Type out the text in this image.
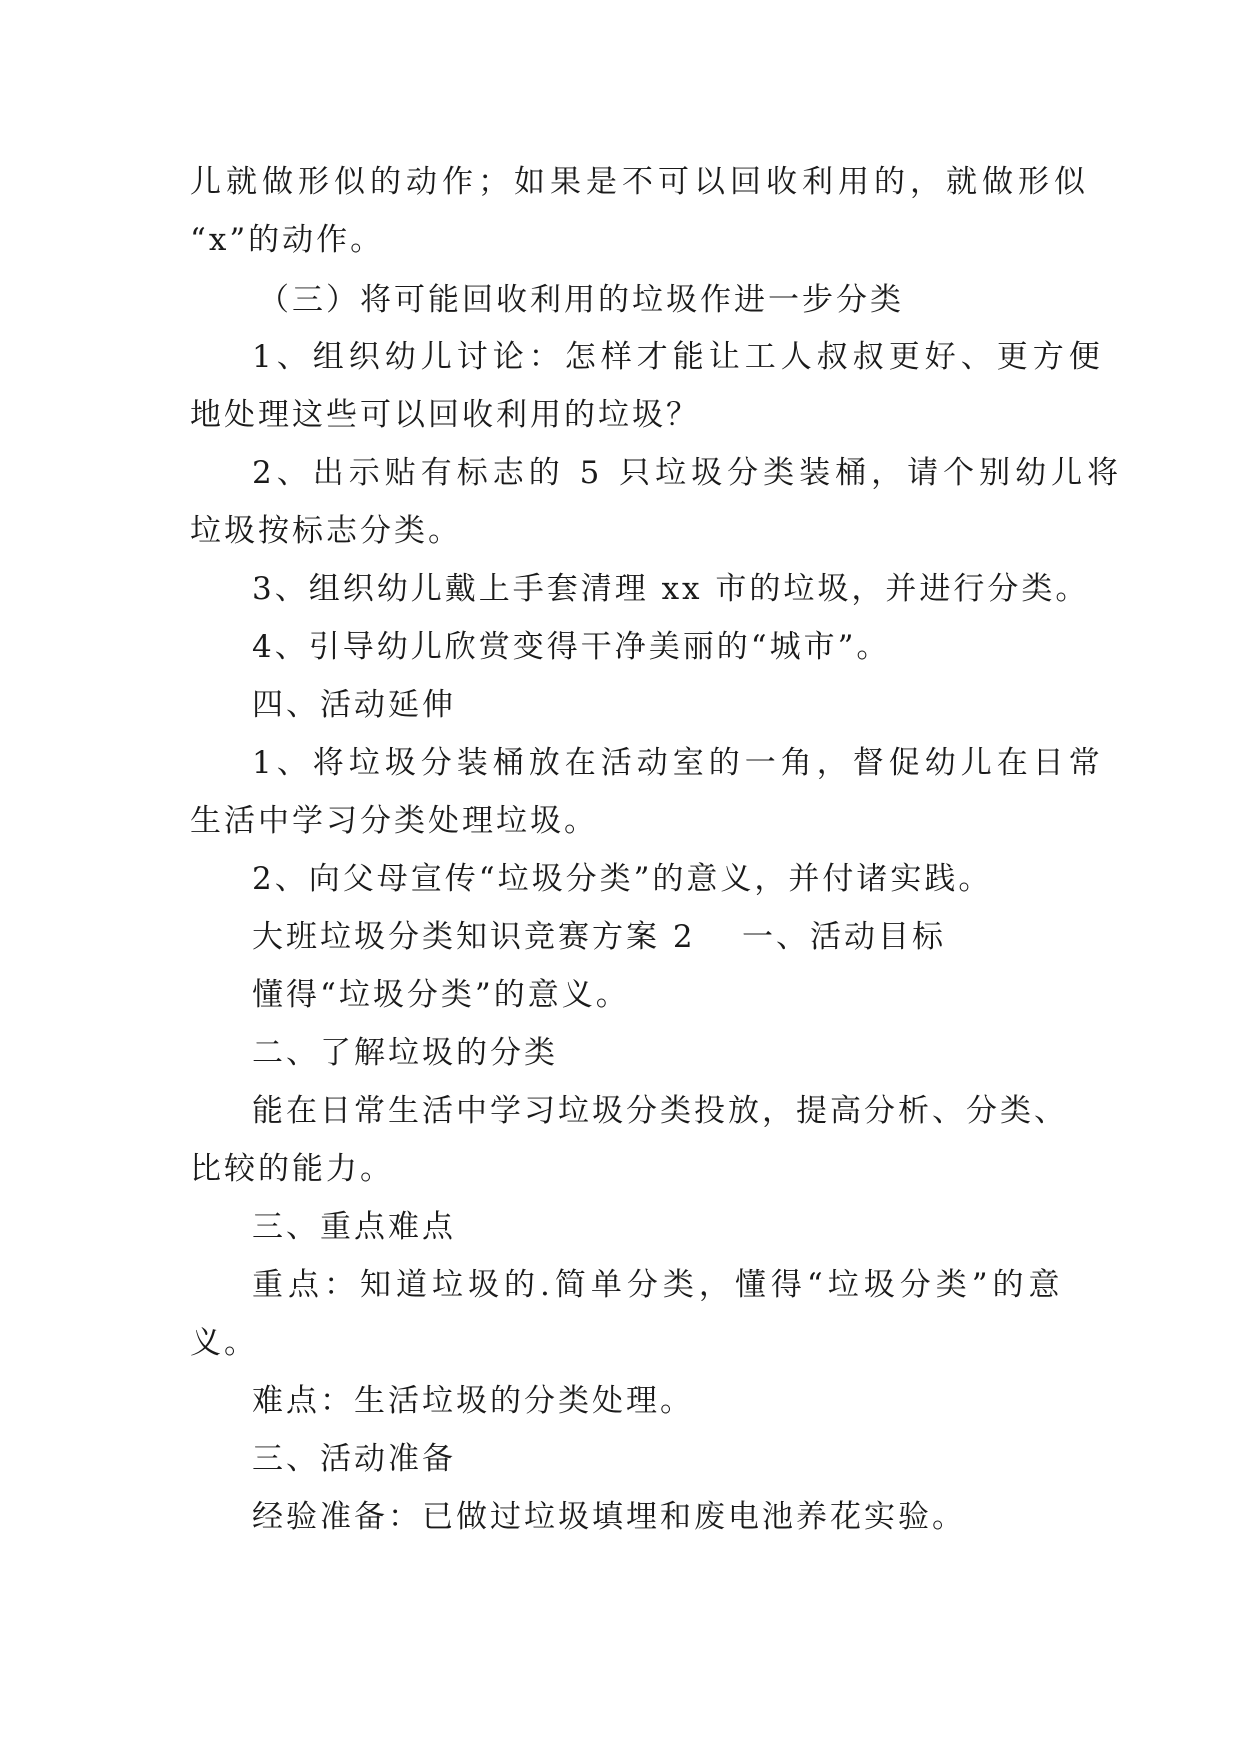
儿就做形似的动作；如果是不可以回收利用的，就做形似
“x”的动作。
（三）将可能回收利用的垃圾作进一步分类
1、组织幼儿讨论：怎样才能让工人叔叔更好、更方便
地处理这些可以回收利用的垃圾？
2、出示贴有标志的 5 只垃圾分类装桶，请个别幼儿将
垃圾按标志分类。
3、组织幼儿戴上手套清理 xx 市的垃圾，并进行分类。
4、引导幼儿欣赏变得干净美丽的“城市”。
四、活动延伸
1、将垃圾分装桶放在活动室的一角，督促幼儿在日常
生活中学习分类处理垃圾。
2、向父母宣传“垃圾分类”的意义，并付诸实践。
大班垃圾分类知识竞赛方案 2 一、活动目标
懂得“垃圾分类”的意义。
二、了解垃圾的分类
能在日常生活中学习垃圾分类投放，提高分析、分类、
比较的能力。
三、重点难点
重点：知道垃圾的.简单分类，懂得“垃圾分类”的意
义。
难点：生活垃圾的分类处理。
三、活动准备
经验准备：已做过垃圾填埋和废电池养花实验。
